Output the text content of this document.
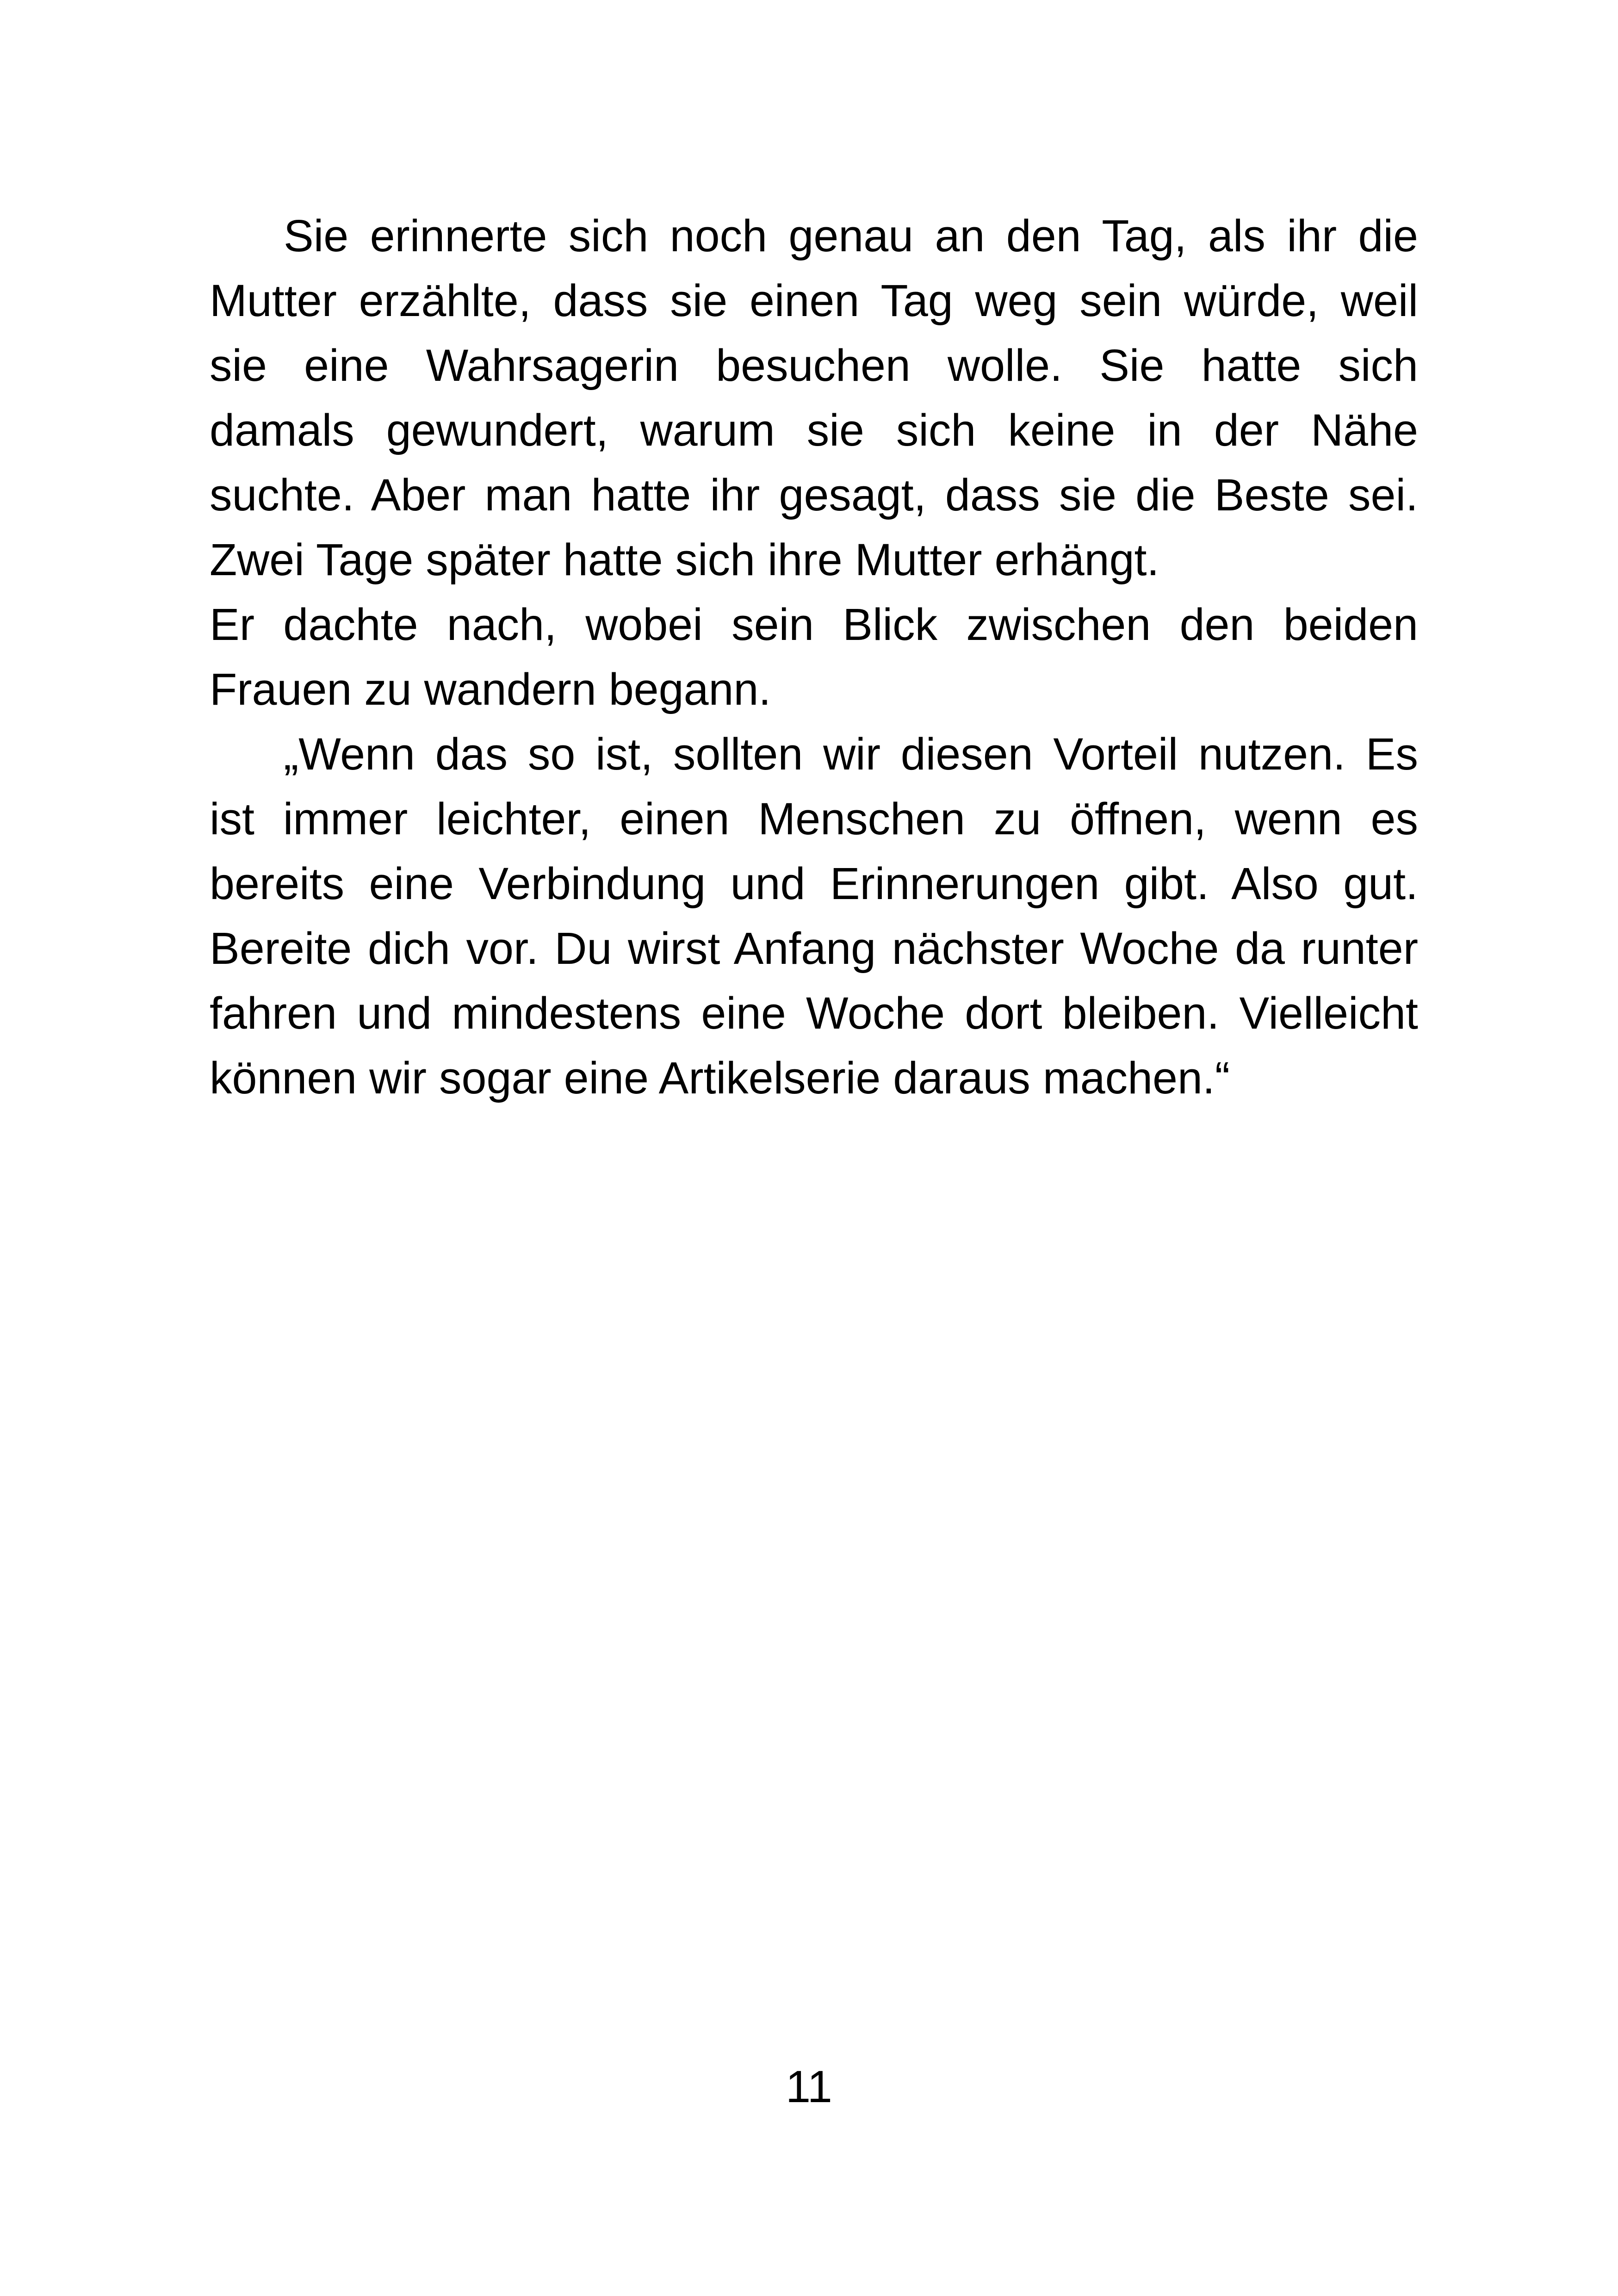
Sie erinnerte sich noch genau an den Tag, als ihr die
Mutter erzählte, dass sie einen Tag weg sein würde, weil
sie eine Wahrsagerin besuchen wolle. Sie hatte sich
damals gewundert, warum sie sich keine in der Nähe
suchte. Aber man hatte ihr gesagt, dass sie die Beste sei.
Zwei Tage später hatte sich ihre Mutter erhängt.
Er dachte nach, wobei sein Blick zwischen den beiden
Frauen zu wandern begann.
„Wenn das so ist, sollten wir diesen Vorteil nutzen. Es
ist immer leichter, einen Menschen zu öffnen, wenn es
bereits eine Verbindung und Erinnerungen gibt. Also gut.
Bereite dich vor. Du wirst Anfang nächster Woche da runter
fahren und mindestens eine Woche dort bleiben. Vielleicht
können wir sogar eine Artikelserie daraus machen.“
11
